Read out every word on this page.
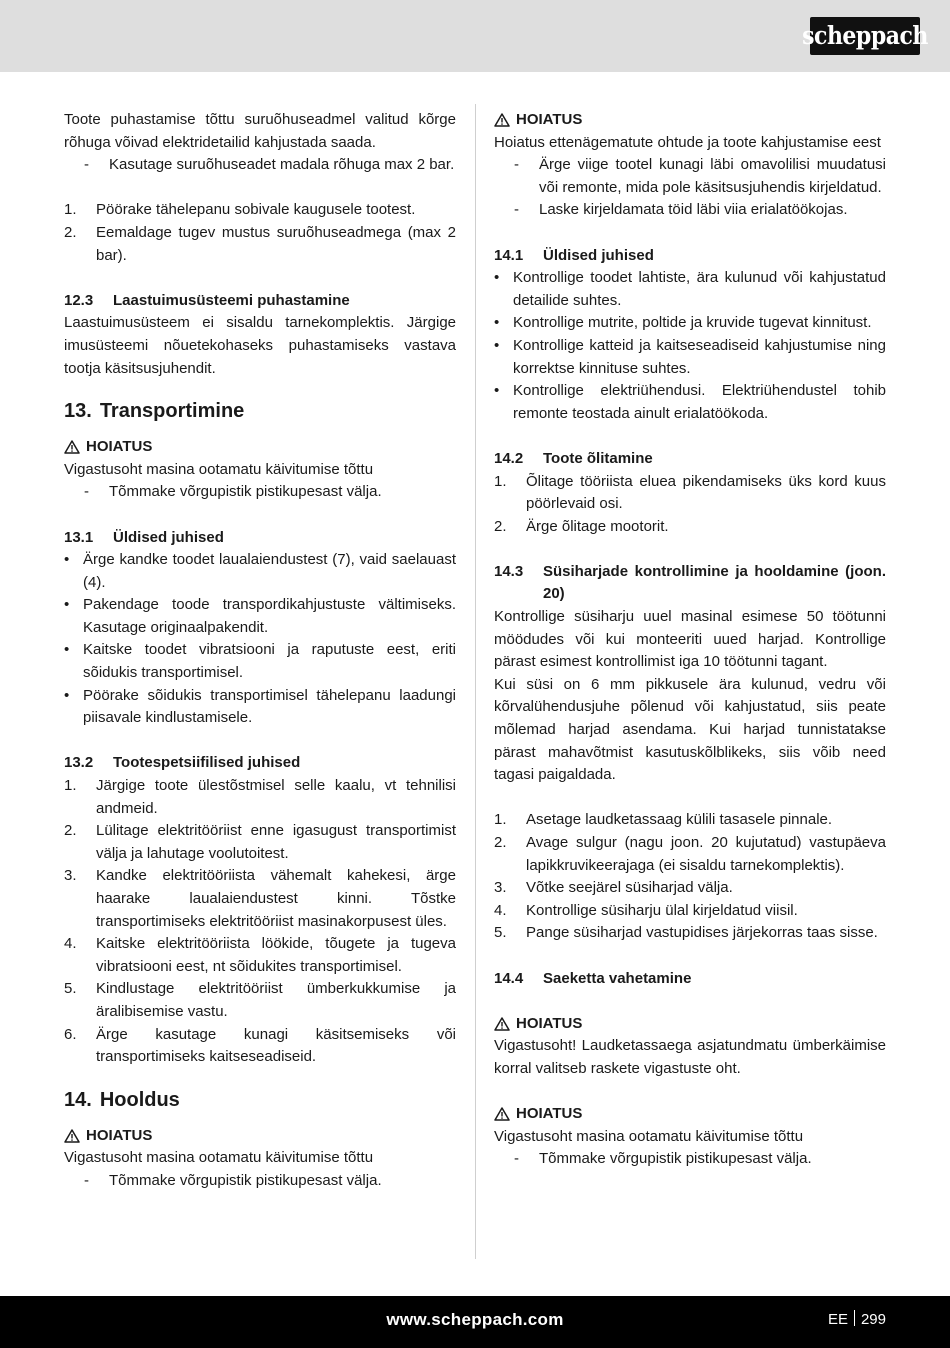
scheppach

Toote puhastamise tõttu suruõhuseadmel valitud kõrge rõhuga võivad elektridetailid kahjustada saada.

-	Kasutage suruõhuseadet madala rõhuga max 2 bar.
1.	Pöörake tähelepanu sobivale kaugusele tootest.
2.	Eemaldage tugev mustus suruõhuseadmega (max 2 bar).

12.3 Laastuimusüsteemi puhastamine

Laastuimusüsteem ei sisaldu tarnekomplektis. Järgige imusüsteemi nõuetekohaseks puhastamiseks vastava tootja käsitsusjuhendit.

13. Transportimine

HOIATUS

Vigastusoht masina ootamatu käivitumise tõttu

-	Tõmmake võrgupistik pistikupesast välja.

13.1 Üldised juhised

• Ärge kandke toodet laualaiendustest (7), vaid saelauast (4).
• Pakendage toode transpordikahjustuste vältimiseks. Kasutage originaalpakendit.
• Kaitske toodet vibratsiooni ja raputuste eest, eriti sõidukis transportimisel.
• Pöörake sõidukis transportimisel tähelepanu laadungi piisavale kindlustamisele.

13.2 Tootespetsiifilised juhised

1.	Järgige toote ülestõstmisel selle kaalu, vt tehnilisi andmeid.
2.	Lülitage elektritööriist enne igasugust transportimist välja ja lahutage voolutoitest.
3.	Kandke elektritööriista vähemalt kahekesi, ärge haarake laualaiendustest kinni. Tõstke transportimiseks elektritööriist masinakorpusest üles.
4.	Kaitske elektritööriista löökide, tõugete ja tugeva vibratsiooni eest, nt sõidukites transportimisel.
5.	Kindlustage elektritööriist ümberkukkumise ja äralibisemise vastu.
6.	Ärge kasutage kunagi käsitsemiseks või transportimiseks kaitseseadiseid.

14. Hooldus

HOIATUS

Vigastusoht masina ootamatu käivitumise tõttu

-	Tõmmake võrgupistik pistikupesast välja.

HOIATUS

Hoiatus ettenägematute ohtude ja toote kahjustamise eest

-	Ärge viige tootel kunagi läbi omavolilisi muudatusi või remonte, mida pole käsitsusjuhendis kirjeldatud.
-	Laske kirjeldamata töid läbi viia erialatöökojas.

14.1 Üldised juhised

• Kontrollige toodet lahtiste, ära kulunud või kahjustatud detailide suhtes.
• Kontrollige mutrite, poltide ja kruvide tugevat kinnitust.
• Kontrollige katteid ja kaitseseadiseid kahjustumise ning korrektse kinnituse suhtes.
• Kontrollige elektriühendusi. Elektriühendustel tohib remonte teostada ainult erialatöökoda.

14.2 Toote õlitamine

1.	Õlitage tööriista eluea pikendamiseks üks kord kuus pöörlevaid osi.
2.	Ärge õlitage mootorit.
14.3	Süsiharjade kontrollimine ja hooldamine (joon. 20)

Kontrollige süsiharju uuel masinal esimese 50 töötunni möödudes või kui monteeriti uued harjad. Kontrollige pärast esimest kontrollimist iga 10 töötunni tagant.

Kui süsi on 6 mm pikkusele ära kulunud, vedru või kõrvalühendusjuhe põlenud või kahjustatud, siis peate mõlemad harjad asendama. Kui harjad tunnistatakse pärast mahavõtmist kasutuskõlblikeks, siis võib need tagasi paigaldada.

1.	Asetage laudketassaag külili tasasele pinnale.
2.	Avage sulgur (nagu joon. 20 kujutatud) vastupäeva lapikkruvikeerajaga (ei sisaldu tarnekomplektis).
3.	Võtke seejärel süsiharjad välja.
4.	Kontrollige süsiharju ülal kirjeldatud viisil.
5.	Pange süsiharjad vastupidises järjekorras taas sisse.

14.4 Saeketta vahetamine

HOIATUS

Vigastusoht! Laudketassaega asjatundmatu ümberkäimise korral valitseb raskete vigastuste oht.

HOIATUS

Vigastusoht masina ootamatu käivitumise tõttu

-	Tõmmake võrgupistik pistikupesast välja.
www.scheppach.com	EE 299
